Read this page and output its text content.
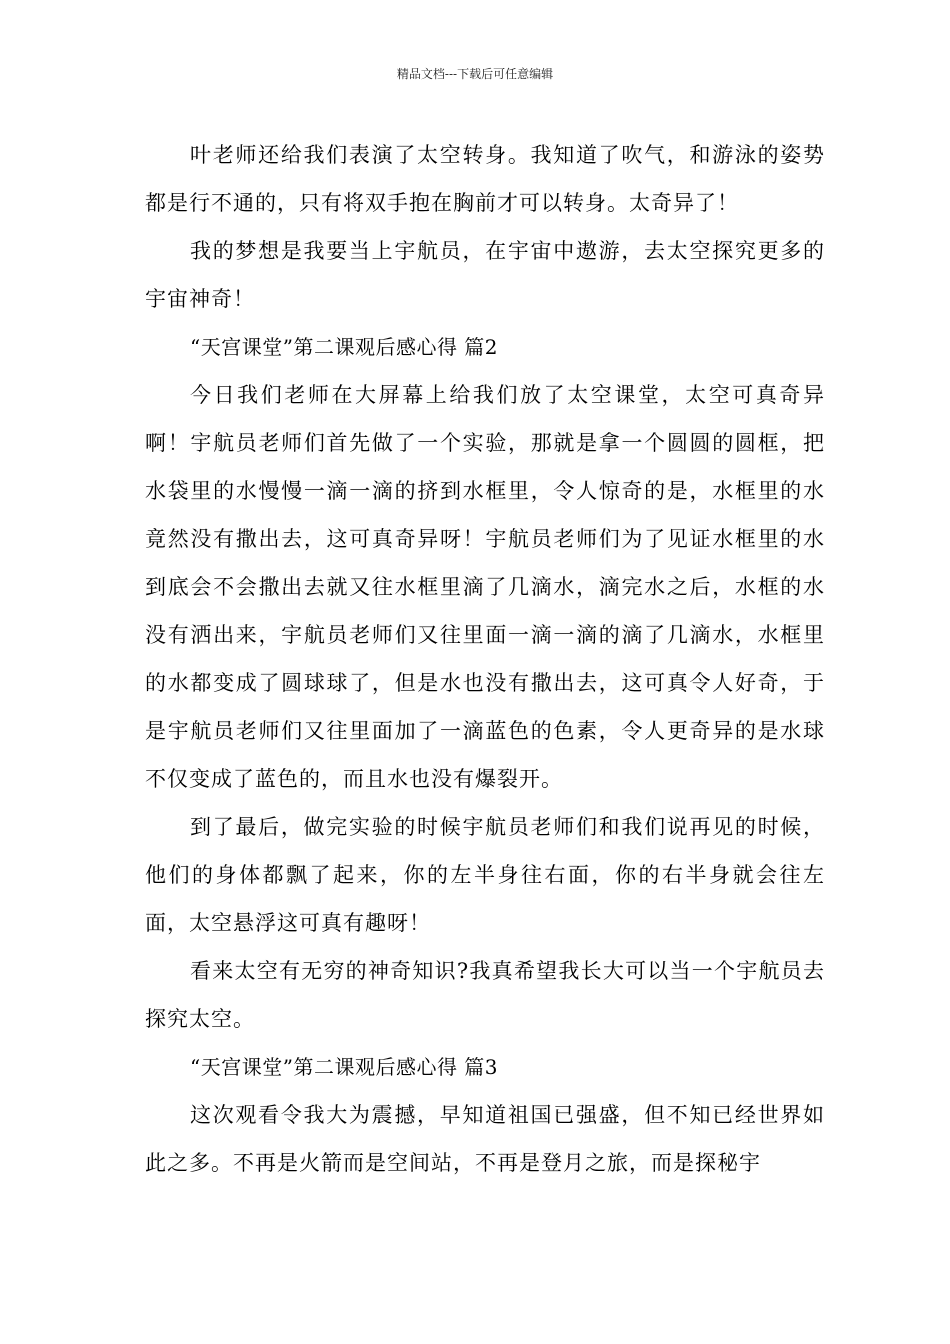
精品文档---下载后可任意编辑

叶老师还给我们表演了太空转身。我知道了吹气，和游泳的姿势都是行不通的，只有将双手抱在胸前才可以转身。太奇异了！

我的梦想是我要当上宇航员，在宇宙中遨游，去太空探究更多的宇宙神奇！

“天宫课堂”第二课观后感心得 篇2

今日我们老师在大屏幕上给我们放了太空课堂，太空可真奇异啊！宇航员老师们首先做了一个实验，那就是拿一个圆圆的圆框，把水袋里的水慢慢一滴一滴的挤到水框里，令人惊奇的是，水框里的水竟然没有撒出去，这可真奇异呀！宇航员老师们为了见证水框里的水到底会不会撒出去就又往水框里滴了几滴水，滴完水之后，水框的水没有洒出来，宇航员老师们又往里面一滴一滴的滴了几滴水，水框里的水都变成了圆球球了，但是水也没有撒出去，这可真令人好奇，于是宇航员老师们又往里面加了一滴蓝色的色素，令人更奇异的是水球不仅变成了蓝色的，而且水也没有爆裂开。

到了最后，做完实验的时候宇航员老师们和我们说再见的时候，他们的身体都飘了起来，你的左半身往右面，你的右半身就会往左面，太空悬浮这可真有趣呀！

看来太空有无穷的神奇知识?我真希望我长大可以当一个宇航员去探究太空。

“天宫课堂”第二课观后感心得 篇3

这次观看令我大为震撼，早知道祖国已强盛，但不知已经世界如此之多。不再是火箭而是空间站，不再是登月之旅，而是探秘宇
